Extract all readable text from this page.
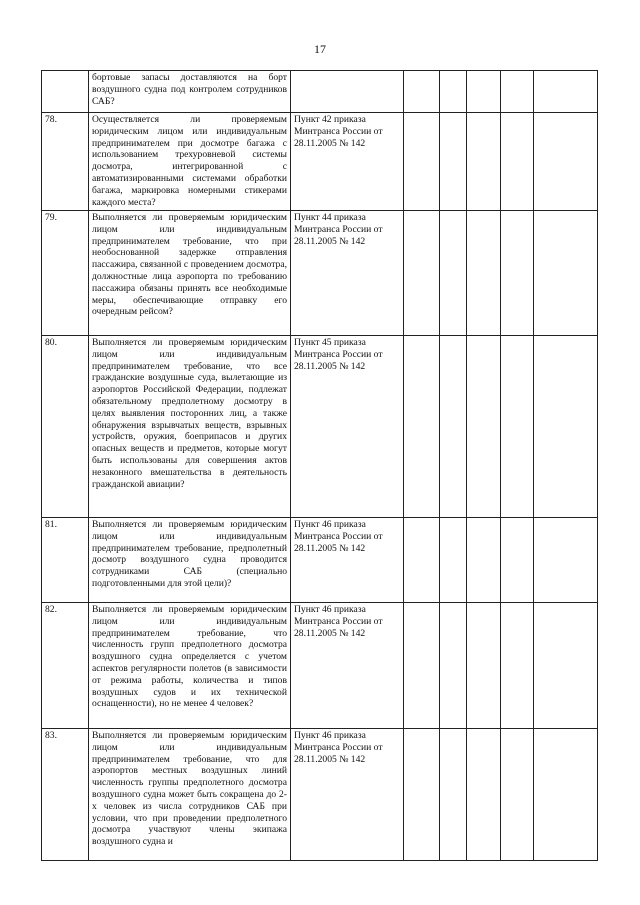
17
	бортовые запасы доставляются на борт воздушного судна под контролем сотрудников САБ?						
78.	Осуществляется ли проверяемым юридическим лицом или индивидуальным предпринимателем при досмотре багажа с использованием трехуровневой системы досмотра, интегрированной с автоматизированными системами обработки багажа, маркировка номерными стикерами каждого места?	Пункт 42 приказа Минтранса России от 28.11.2005 № 142					
79.	Выполняется ли проверяемым юридическим лицом или индивидуальным предпринимателем требование, что при необоснованной задержке отправления пассажира, связанной с проведением досмотра, должностные лица аэропорта по требованию пассажира обязаны принять все необходимые меры, обеспечивающие отправку его очередным рейсом?	Пункт 44 приказа Минтранса России от 28.11.2005 № 142					
80.	Выполняется ли проверяемым юридическим лицом или индивидуальным предпринимателем требование, что все гражданские воздушные суда, вылетающие из аэропортов Российской Федерации, подлежат обязательному предполетному досмотру в целях выявления посторонних лиц, а также обнаружения взрывчатых веществ, взрывных устройств, оружия, боеприпасов и других опасных веществ и предметов, которые могут быть использованы для совершения актов незаконного вмешательства в деятельность гражданской авиации?	Пункт 45 приказа Минтранса России от 28.11.2005 № 142					
81.	Выполняется ли проверяемым юридическим лицом или индивидуальным предпринимателем требование, предполетный досмотр воздушного судна проводится сотрудниками САБ (специально подготовленными для этой цели)?	Пункт 46 приказа Минтранса России от 28.11.2005 № 142					
82.	Выполняется ли проверяемым юридическим лицом или индивидуальным предпринимателем требование, что численность групп предполетного досмотра воздушного судна определяется с учетом аспектов регулярности полетов (в зависимости от режима работы, количества и типов воздушных судов и их технической оснащенности), но не менее 4 человек?	Пункт 46 приказа Минтранса России от 28.11.2005 № 142					
83.	Выполняется ли проверяемым юридическим лицом или индивидуальным предпринимателем требование, что для аэропортов местных воздушных линий численность группы предполетного досмотра воздушного судна может быть сокращена до 2-х человек из числа сотрудников САБ при условии, что при проведении предполетного досмотра участвуют члены экипажа воздушного судна и	Пункт 46 приказа Минтранса России от 28.11.2005 № 142					
